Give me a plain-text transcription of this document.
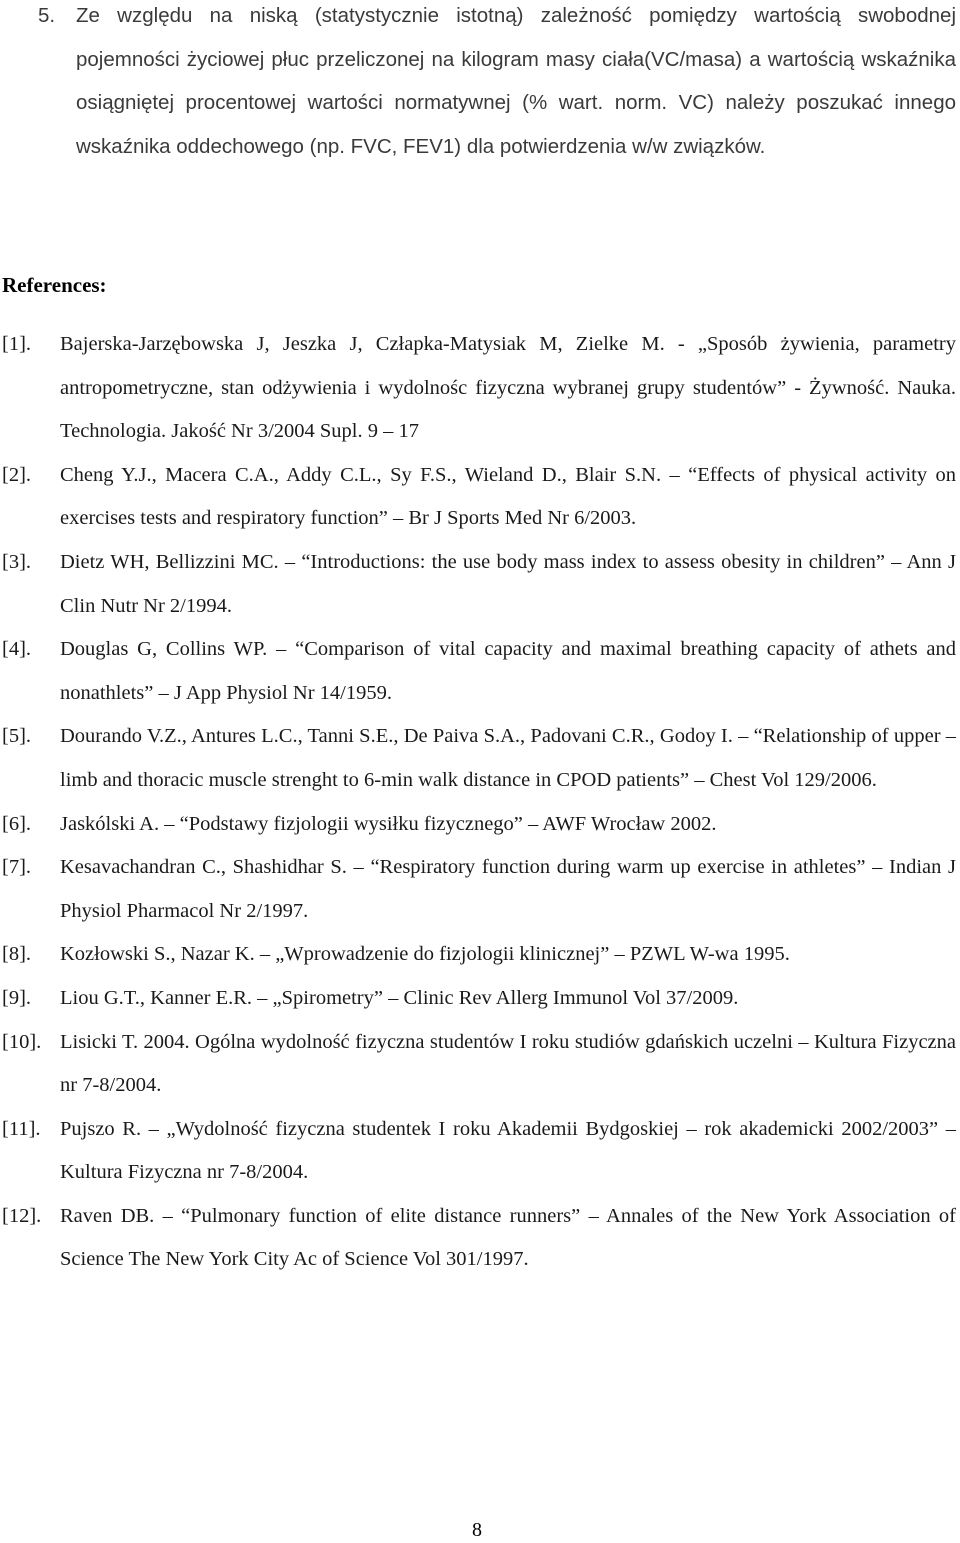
5. Ze względu na niską (statystycznie istotną) zależność pomiędzy wartością swobodnej pojemności życiowej płuc przeliczonej na kilogram masy ciała(VC/masa) a wartością wskaźnika osiągniętej procentowej wartości normatywnej (% wart. norm. VC) należy poszukać innego wskaźnika oddechowego (np. FVC, FEV1) dla potwierdzenia w/w związków.
References:
[1]. Bajerska-Jarzębowska J, Jeszka J, Człapka-Matysiak M, Zielke M. - „Sposób żywienia, parametry antropometryczne, stan odżywienia i wydolnośc fizyczna wybranej grupy studentów” - Żywność. Nauka. Technologia. Jakość Nr 3/2004 Supl. 9 – 17
[2]. Cheng Y.J., Macera C.A., Addy C.L., Sy F.S., Wieland D., Blair S.N. – “Effects of physical activity on exercises tests and respiratory function” – Br J Sports Med Nr 6/2003.
[3]. Dietz WH, Bellizzini MC. – “Introductions: the use body mass index to assess obesity in children” – Ann J Clin Nutr Nr 2/1994.
[4]. Douglas G, Collins WP. – “Comparison of vital capacity and maximal breathing capacity of athets and nonathlets” – J App Physiol Nr 14/1959.
[5]. Dourando V.Z., Antures L.C., Tanni S.E., De Paiva S.A., Padovani C.R., Godoy I. – “Relationship of upper – limb and thoracic muscle strenght to 6-min walk distance in CPOD patients” – Chest Vol 129/2006.
[6]. Jaskólski A. – “Podstawy fizjologii wysiłku fizycznego” – AWF Wrocław 2002.
[7]. Kesavachandran C., Shashidhar S. – “Respiratory function during warm up exercise in athletes” – Indian J Physiol Pharmacol Nr 2/1997.
[8]. Kozłowski S., Nazar K. – „Wprowadzenie do fizjologii klinicznej” – PZWL W-wa 1995.
[9]. Liou G.T., Kanner E.R. – „Spirometry” – Clinic Rev Allerg Immunol Vol 37/2009.
[10]. Lisicki T. 2004. Ogólna wydolność fizyczna studentów I roku studiów gdańskich uczelni – Kultura Fizyczna nr 7-8/2004.
[11]. Pujszo R. – „Wydolność fizyczna studentek I roku Akademii Bydgoskiej – rok akademicki 2002/2003” – Kultura Fizyczna nr 7-8/2004.
[12]. Raven DB. – “Pulmonary function of elite distance runners” – Annales of the New York Association of Science The New York City Ac of Science Vol 301/1997.
8
